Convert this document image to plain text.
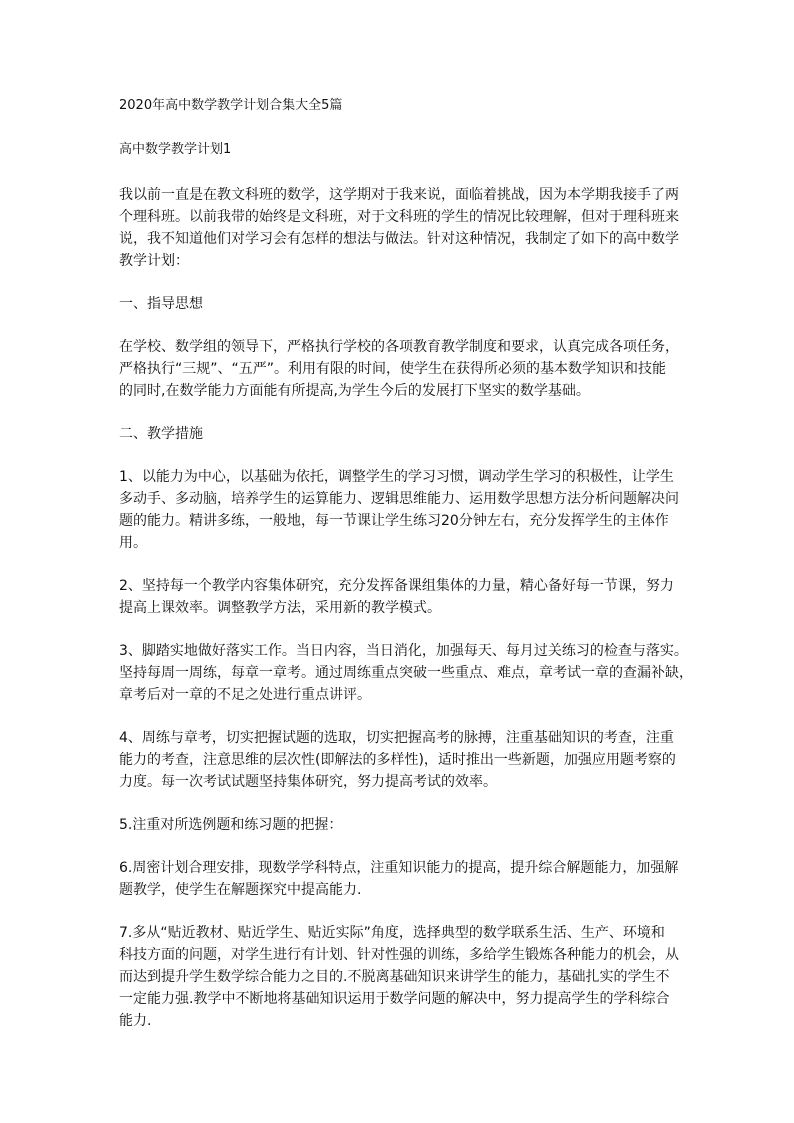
2020年高中数学教学计划合集大全5篇

高中数学教学计划1

我以前一直是在教文科班的数学，这学期对于我来说，面临着挑战，因为本学期我接手了两
个理科班。以前我带的始终是文科班，对于文科班的学生的情况比较理解，但对于理科班来
说，我不知道他们对学习会有怎样的想法与做法。针对这种情况，我制定了如下的高中数学
教学计划：
一、指导思想
在学校、数学组的领导下，严格执行学校的各项教育教学制度和要求，认真完成各项任务，
严格执行“三规”、“五严”。利用有限的时间，使学生在获得所必须的基本数学知识和技能
的同时,在数学能力方面能有所提高,为学生今后的发展打下坚实的数学基础。
二、教学措施
1、以能力为中心，以基础为依托，调整学生的学习习惯，调动学生学习的积极性，让学生
多动手、多动脑，培养学生的运算能力、逻辑思维能力、运用数学思想方法分析问题解决问
题的能力。精讲多练，一般地，每一节课让学生练习20分钟左右，充分发挥学生的主体作
用。
2、坚持每一个教学内容集体研究，充分发挥备课组集体的力量，精心备好每一节课，努力
提高上课效率。调整教学方法，采用新的教学模式。
3、脚踏实地做好落实工作。当日内容，当日消化，加强每天、每月过关练习的检查与落实。
坚持每周一周练，每章一章考。通过周练重点突破一些重点、难点，章考试一章的查漏补缺，
章考后对一章的不足之处进行重点讲评。
4、周练与章考，切实把握试题的选取，切实把握高考的脉搏，注重基础知识的考查，注重
能力的考查，注意思维的层次性(即解法的多样性)，适时推出一些新题，加强应用题考察的
力度。每一次考试试题坚持集体研究，努力提高考试的效率。
5.注重对所选例题和练习题的把握：
6.周密计划合理安排，现数学学科特点，注重知识能力的提高，提升综合解题能力，加强解
题教学，使学生在解题探究中提高能力.
7.多从“贴近教材、贴近学生、贴近实际”角度，选择典型的数学联系生活、生产、环境和
科技方面的问题，对学生进行有计划、针对性强的训练，多给学生锻炼各种能力的机会，从
而达到提升学生数学综合能力之目的.不脱离基础知识来讲学生的能力，基础扎实的学生不
一定能力强.教学中不断地将基础知识运用于数学问题的解决中，努力提高学生的学科综合
能力.
